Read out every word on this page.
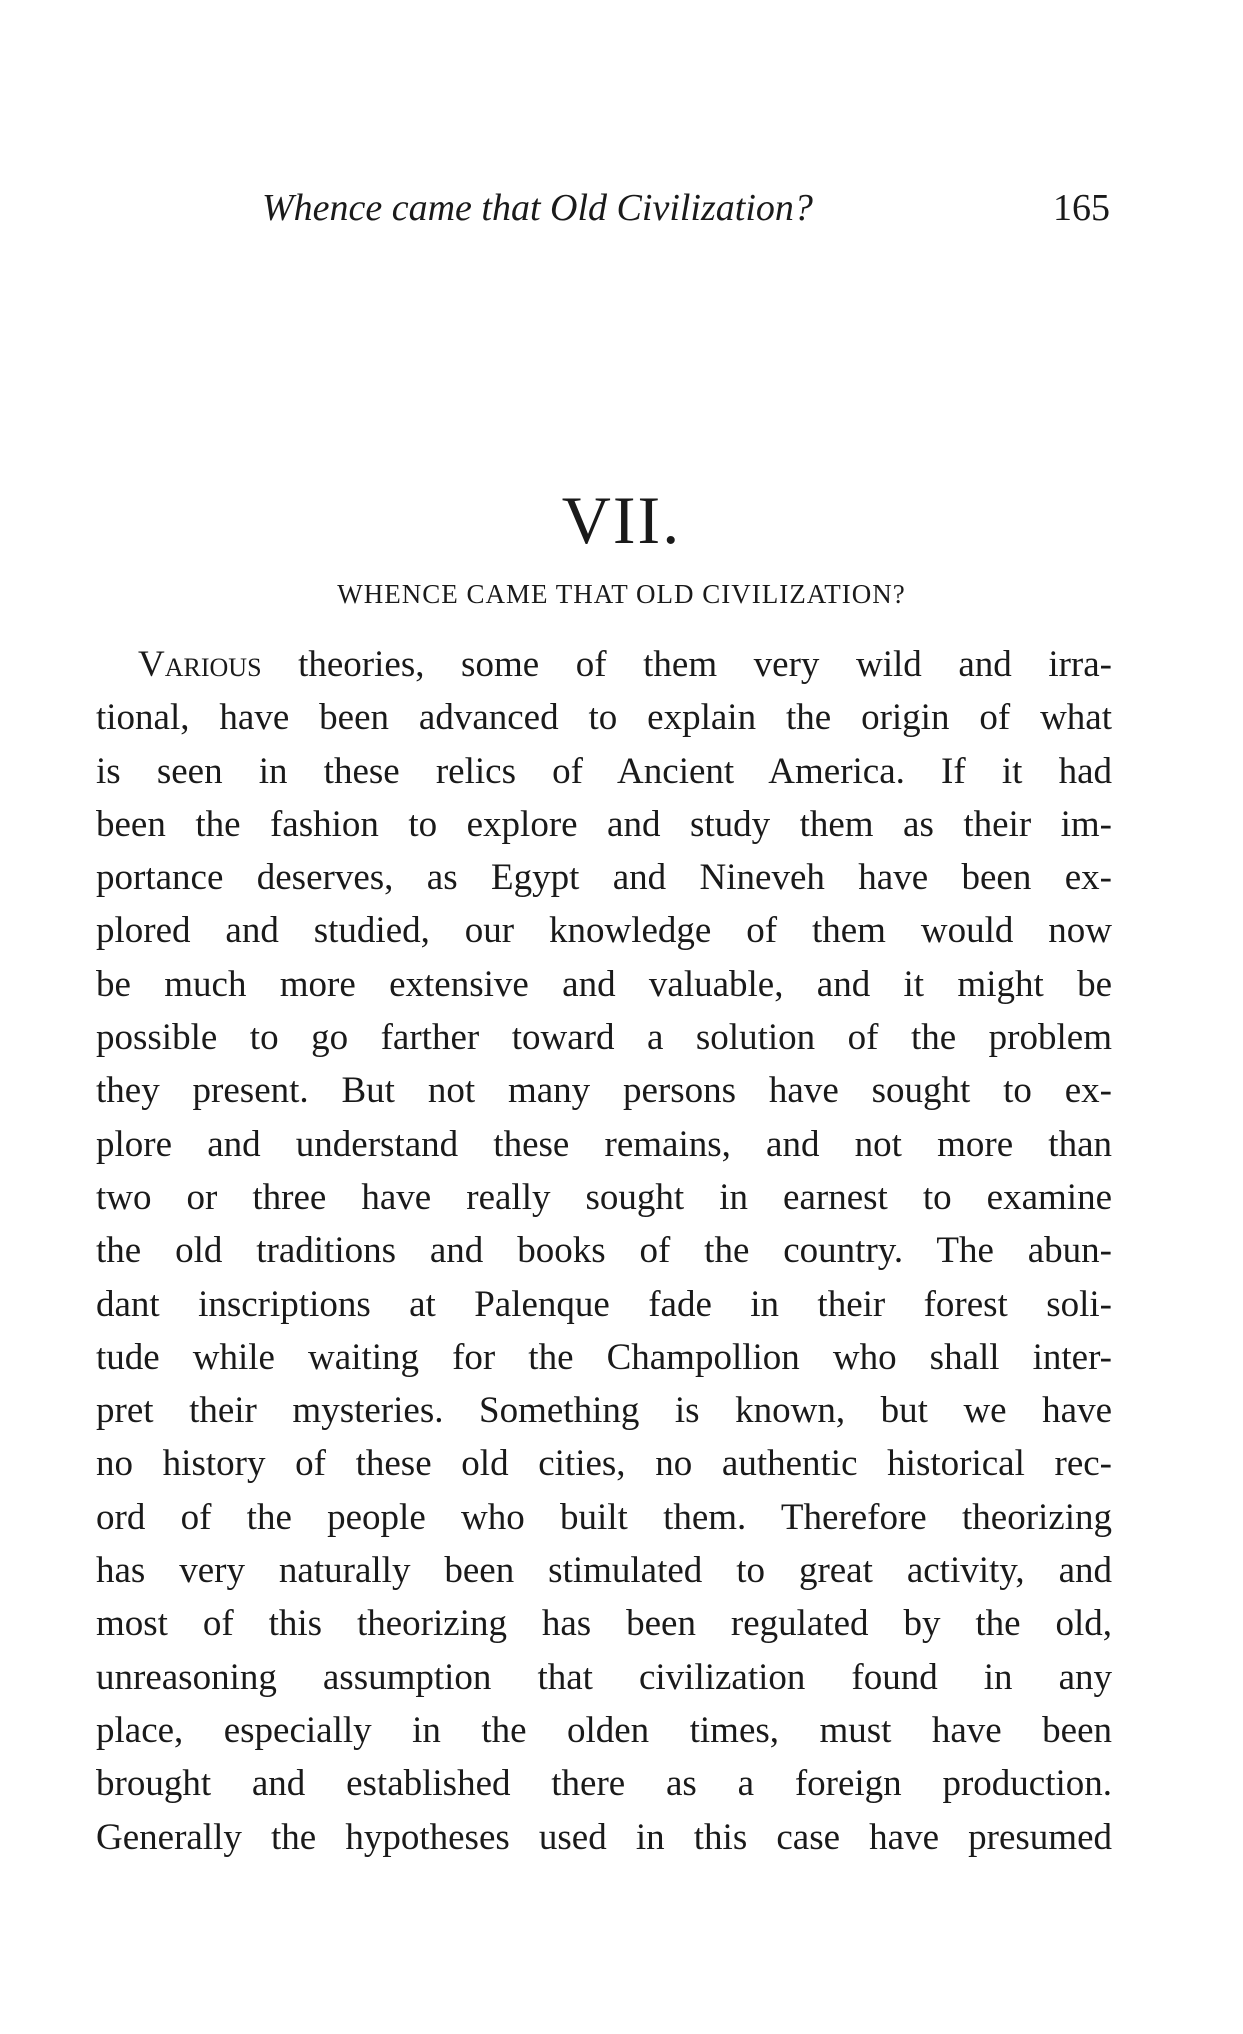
Whence came that Old Civilization?	165
VII.
WHENCE CAME THAT OLD CIVILIZATION?
Various theories, some of them very wild and irra-
tional, have been advanced to explain the origin of what
is seen in these relics of Ancient America. If it had
been the fashion to explore and study them as their im-
portance deserves, as Egypt and Nineveh have been ex-
plored and studied, our knowledge of them would now
be much more extensive and valuable, and it might be
possible to go farther toward a solution of the problem
they present. But not many persons have sought to ex-
plore and understand these remains, and not more than
two or three have really sought in earnest to examine
the old traditions and books of the country. The abun-
dant inscriptions at Palenque fade in their forest soli-
tude while waiting for the Champollion who shall inter-
pret their mysteries. Something is known, but we have
no history of these old cities, no authentic historical rec-
ord of the people who built them. Therefore theorizing
has very naturally been stimulated to great activity, and
most of this theorizing has been regulated by the old,
unreasoning assumption that civilization found in any
place, especially in the olden times, must have been
brought and established there as a foreign production.
Generally the hypotheses used in this case have presumed
